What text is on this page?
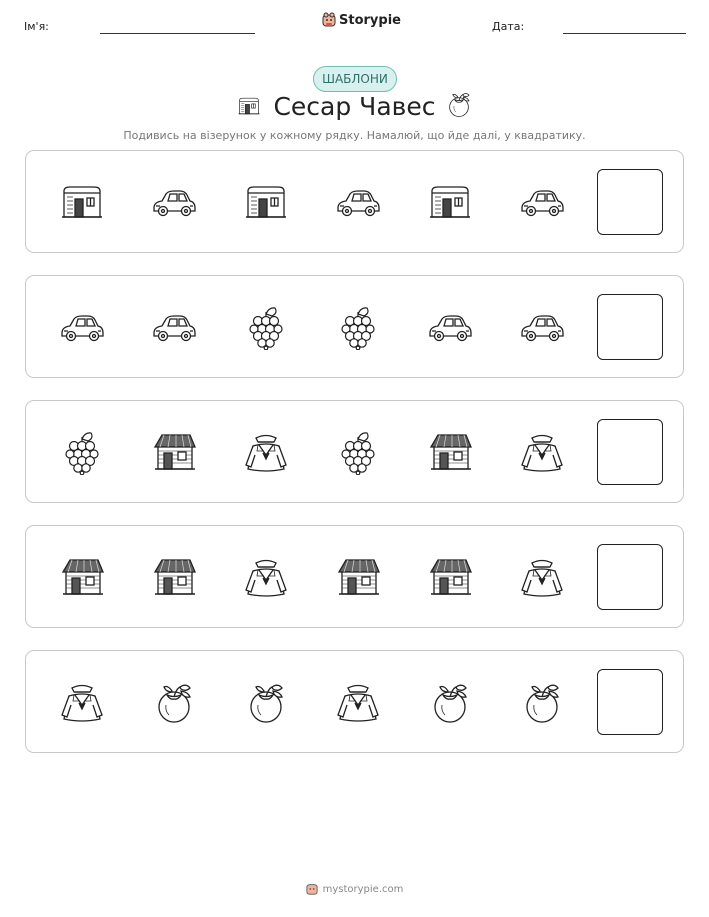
Ім'я:	Storypie	Дата:
ШАБЛОНИ
Сесар Чавес
Подивись на візерунок у кожному рядку. Намалюй, що йде далі, у квадратику.
mystorypie.com
